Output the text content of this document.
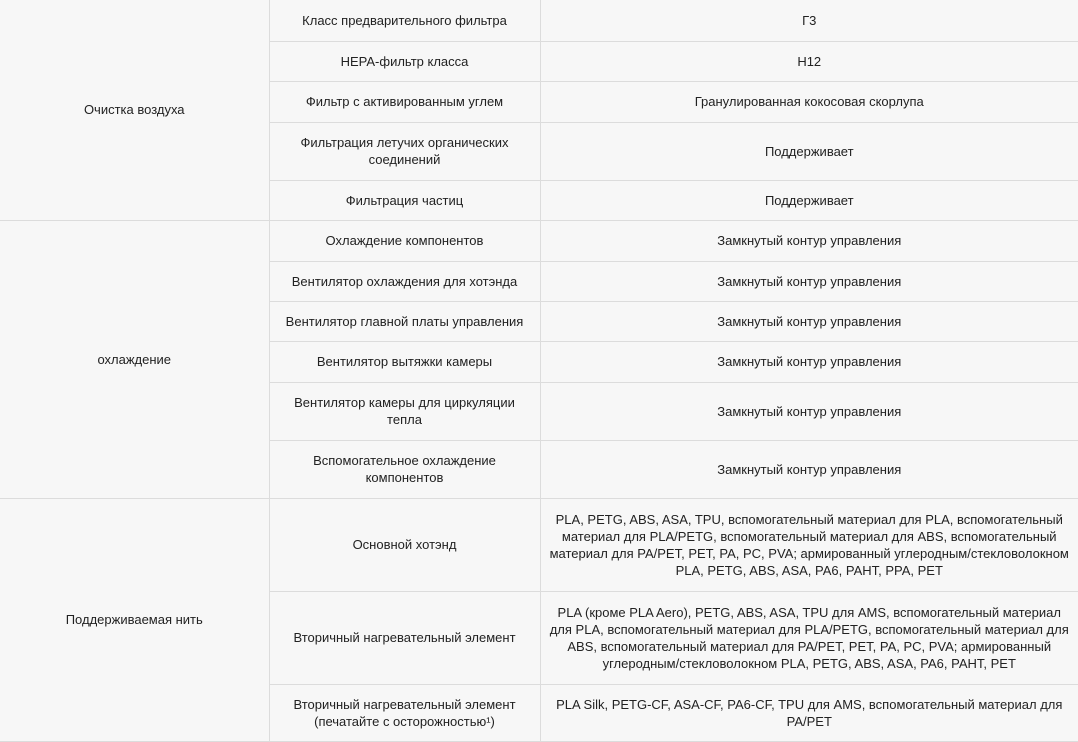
Очистка воздуха	Класс предварительного фильтра	Г3
	HEPA-фильтр класса	H12
	Фильтр с активированным углем	Гранулированная кокосовая скорлупа
	Фильтрация летучих органических соединений	Поддерживает
	Фильтрация частиц	Поддерживает
охлаждение	Охлаждение компонентов	Замкнутый контур управления
	Вентилятор охлаждения для хотэнда	Замкнутый контур управления
	Вентилятор главной платы управления	Замкнутый контур управления
	Вентилятор вытяжки камеры	Замкнутый контур управления
	Вентилятор камеры для циркуляции тепла	Замкнутый контур управления
	Вспомогательное охлаждение компонентов	Замкнутый контур управления
Поддерживаемая нить	Основной хотэнд	PLA, PETG, ABS, ASA, TPU, вспомогательный материал для PLA, вспомогательный материал для PLA/PETG, вспомогательный материал для ABS, вспомогательный материал для PA/PET, PET, PA, PC, PVA; армированный углеродным/стекловолокном PLA, PETG, ABS, ASA, PA6, PAHT, PPA, PET
	Вторичный нагревательный элемент	PLA (кроме PLA Aero), PETG, ABS, ASA, TPU для AMS, вспомогательный материал для PLA, вспомогательный материал для PLA/PETG, вспомогательный материал для ABS, вспомогательный материал для PA/PET, PET, PA, PC, PVA; армированный углеродным/стекловолокном PLA, PETG, ABS, ASA, PA6, PAHT, PET
	Вторичный нагревательный элемент (печатайте с осторожностью¹)	PLA Silk, PETG-CF, ASA-CF, PA6-CF, TPU для AMS, вспомогательный материал для PA/PET
